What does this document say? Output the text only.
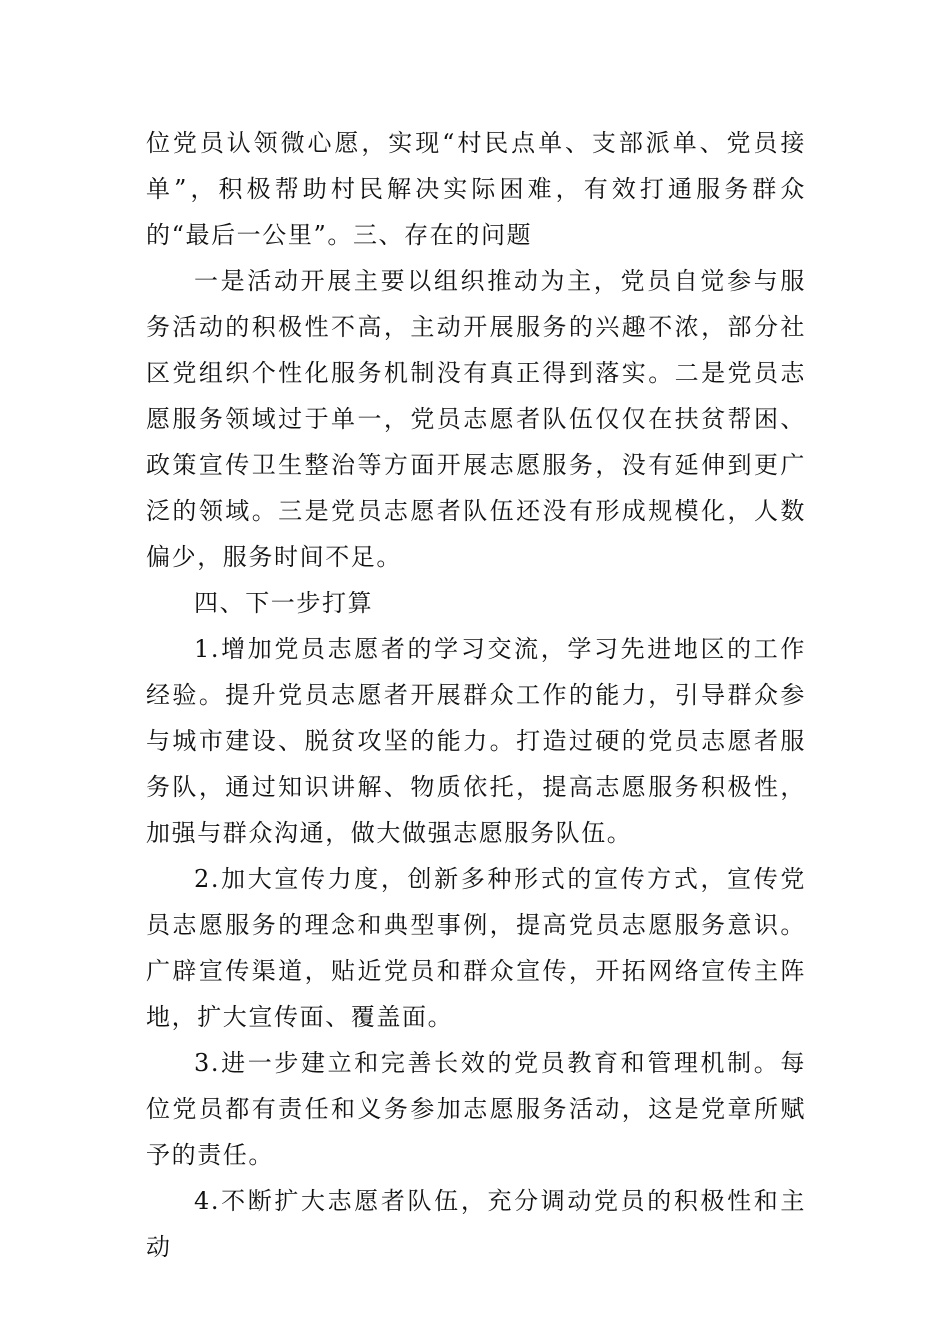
位党员认领微心愿，实现“村民点单、支部派单、党员接单”，积极帮助村民解决实际困难，有效打通服务群众的“最后一公里”。三、存在的问题

一是活动开展主要以组织推动为主，党员自觉参与服务活动的积极性不高，主动开展服务的兴趣不浓，部分社区党组织个性化服务机制没有真正得到落实。二是党员志愿服务领域过于单一，党员志愿者队伍仅仅在扶贫帮困、政策宣传卫生整治等方面开展志愿服务，没有延伸到更广泛的领域。三是党员志愿者队伍还没有形成规模化，人数偏少，服务时间不足。

四、下一步打算

1.增加党员志愿者的学习交流，学习先进地区的工作经验。提升党员志愿者开展群众工作的能力，引导群众参与城市建设、脱贫攻坚的能力。打造过硬的党员志愿者服务队，通过知识讲解、物质依托，提高志愿服务积极性，加强与群众沟通，做大做强志愿服务队伍。

2.加大宣传力度，创新多种形式的宣传方式，宣传党员志愿服务的理念和典型事例，提高党员志愿服务意识。广辟宣传渠道，贴近党员和群众宣传，开拓网络宣传主阵地，扩大宣传面、覆盖面。

3.进一步建立和完善长效的党员教育和管理机制。每位党员都有责任和义务参加志愿服务活动，这是党章所赋予的责任。

4.不断扩大志愿者队伍，充分调动党员的积极性和主动
